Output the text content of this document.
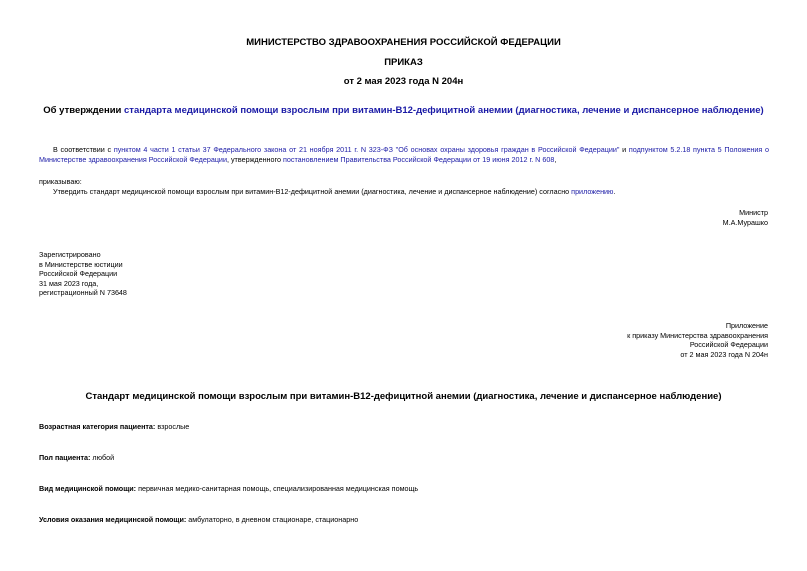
МИНИСТЕРСТВО ЗДРАВООХРАНЕНИЯ РОССИЙСКОЙ ФЕДЕРАЦИИ
ПРИКАЗ
от 2 мая 2023 года N 204н
Об утверждении стандарта медицинской помощи взрослым при витамин-B12-дефицитной анемии (диагностика, лечение и диспансерное наблюдение)
В соответствии с пунктом 4 части 1 статьи 37 Федерального закона от 21 ноября 2011 г. N 323-ФЗ "Об основах охраны здоровья граждан в Российской Федерации" и подпунктом 5.2.18 пункта 5 Положения о Министерстве здравоохранения Российской Федерации, утвержденного постановлением Правительства Российской Федерации от 19 июня 2012 г. N 608,
приказываю:
Утвердить стандарт медицинской помощи взрослым при витамин-B12-дефицитной анемии (диагностика, лечение и диспансерное наблюдение) согласно приложению.
Министр
М.А.Мурашко
Зарегистрировано
в Министерстве юстиции
Российской Федерации
31 мая 2023 года,
регистрационный N 73648
Приложение
к приказу Министерства здравоохранения
Российской Федерации
от 2 мая 2023 года N 204н
Стандарт медицинской помощи взрослым при витамин-B12-дефицитной анемии (диагностика, лечение и диспансерное наблюдение)
Возрастная категория пациента: взрослые
Пол пациента: любой
Вид медицинской помощи: первичная медико-санитарная помощь, специализированная медицинская помощь
Условия оказания медицинской помощи: амбулаторно, в дневном стационаре, стационарно
